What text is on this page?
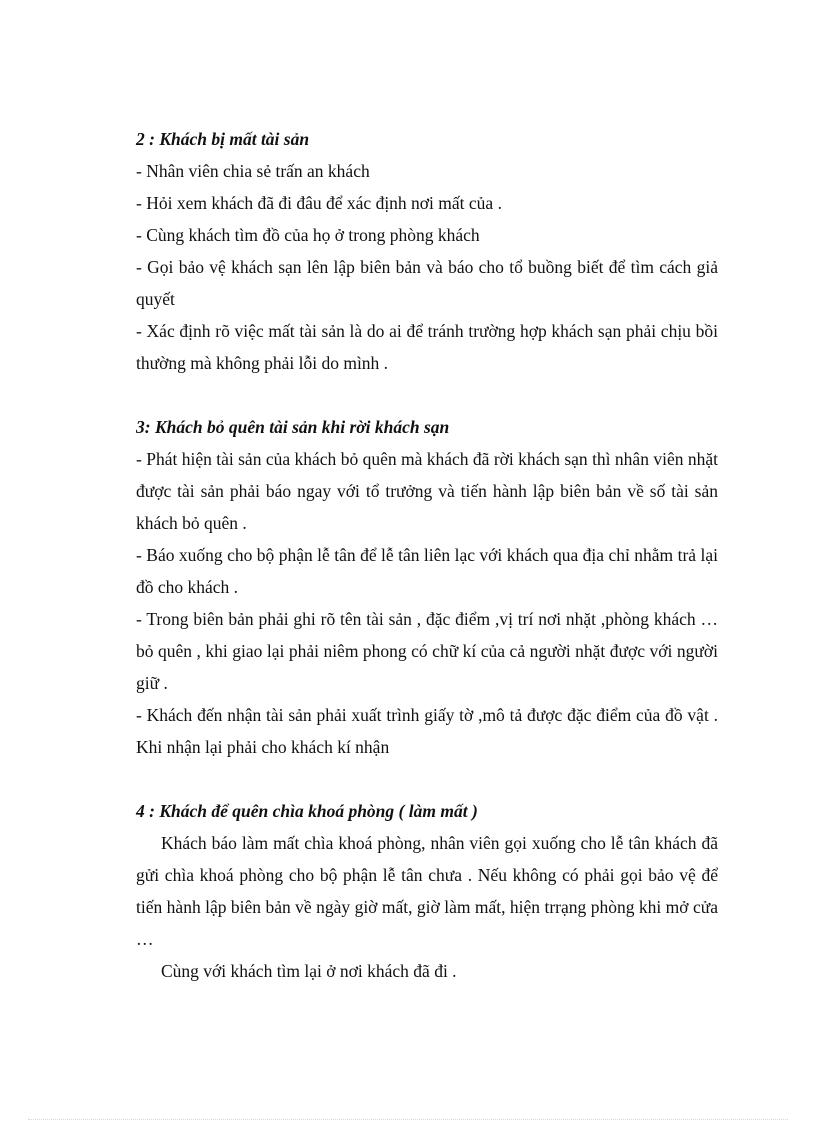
2 : Khách bị mất tài sản

- Nhân viên chia sẻ trấn an khách

- Hỏi xem khách đã đi đâu để xác định nơi mất của .

- Cùng khách tìm đồ của họ ở trong phòng khách

- Gọi bảo vệ khách sạn lên lập biên bản và báo cho tổ buồng biết để tìm cách giả quyết

- Xác định rõ việc mất tài sản là do ai để tránh trường hợp khách sạn phải chịu bồi thường mà không phải lỗi do mình .

3: Khách bỏ quên tài sản khi rời khách sạn

- Phát hiện tài sản của khách bỏ quên mà khách đã rời khách sạn thì nhân viên nhặt được tài sản phải báo ngay với tổ trưởng và tiến hành lập biên bản về số tài sản khách bỏ quên .

- Báo xuống cho bộ phận lễ tân để lễ tân liên lạc với khách qua địa chỉ nhằm trả lại đồ cho khách .

- Trong biên bản phải ghi rõ tên tài sản , đặc điểm ,vị trí nơi nhặt ,phòng khách …bỏ quên , khi giao lại phải niêm phong có chữ kí của cả người nhặt được với người giữ .

- Khách đến nhận tài sản phải xuất trình giấy tờ ,mô tả được đặc điểm của đồ vật . Khi nhận lại phải cho khách kí nhận

4 : Khách để quên chìa khoá phòng ( làm mất )

Khách báo làm mất chìa khoá phòng, nhân viên gọi xuống cho lễ tân khách đã gửi chìa khoá phòng cho bộ phận lễ tân chưa . Nếu không có phải gọi bảo vệ để tiến hành lập biên bản về ngày giờ mất, giờ làm mất, hiện trrạng phòng khi mở cửa …

Cùng với khách tìm lại ở nơi khách đã đi .
